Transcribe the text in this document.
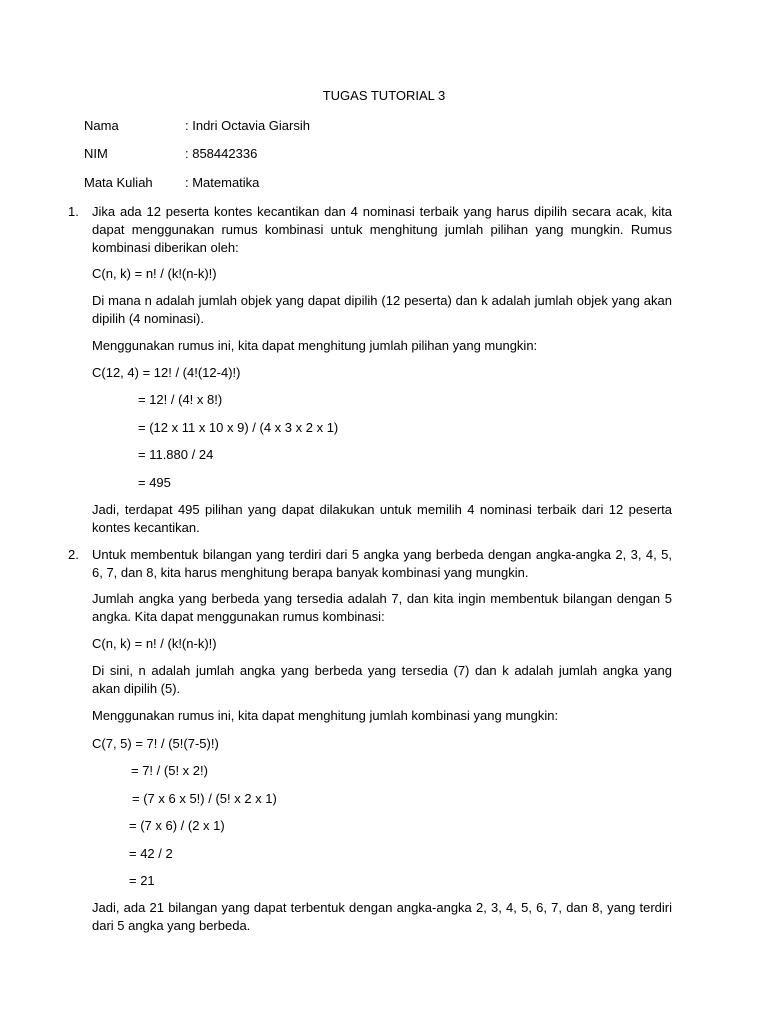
TUGAS TUTORIAL 3
Nama	: Indri Octavia Giarsih
NIM	: 858442336
Mata Kuliah : Matematika
1. Jika ada 12 peserta kontes kecantikan dan 4 nominasi terbaik yang harus dipilih secara acak, kita dapat menggunakan rumus kombinasi untuk menghitung jumlah pilihan yang mungkin. Rumus kombinasi diberikan oleh:
C(n, k) = n! / (k!(n-k)!)
Di mana n adalah jumlah objek yang dapat dipilih (12 peserta) dan k adalah jumlah objek yang akan dipilih (4 nominasi).
Menggunakan rumus ini, kita dapat menghitung jumlah pilihan yang mungkin:
C(12, 4) = 12! / (4!(12-4)!)
= 12! / (4! x 8!)
= (12 x 11 x 10 x 9) / (4 x 3 x 2 x 1)
= 11.880 / 24
= 495
Jadi, terdapat 495 pilihan yang dapat dilakukan untuk memilih 4 nominasi terbaik dari 12 peserta kontes kecantikan.
2. Untuk membentuk bilangan yang terdiri dari 5 angka yang berbeda dengan angka-angka 2, 3, 4, 5, 6, 7, dan 8, kita harus menghitung berapa banyak kombinasi yang mungkin.
Jumlah angka yang berbeda yang tersedia adalah 7, dan kita ingin membentuk bilangan dengan 5 angka. Kita dapat menggunakan rumus kombinasi:
C(n, k) = n! / (k!(n-k)!)
Di sini, n adalah jumlah angka yang berbeda yang tersedia (7) dan k adalah jumlah angka yang akan dipilih (5).
Menggunakan rumus ini, kita dapat menghitung jumlah kombinasi yang mungkin:
C(7, 5) = 7! / (5!(7-5)!)
= 7! / (5! x 2!)
= (7 x 6 x 5!) / (5! x 2 x 1)
= (7 x 6) / (2 x 1)
= 42 / 2
= 21
Jadi, ada 21 bilangan yang dapat terbentuk dengan angka-angka 2, 3, 4, 5, 6, 7, dan 8, yang terdiri dari 5 angka yang berbeda.
